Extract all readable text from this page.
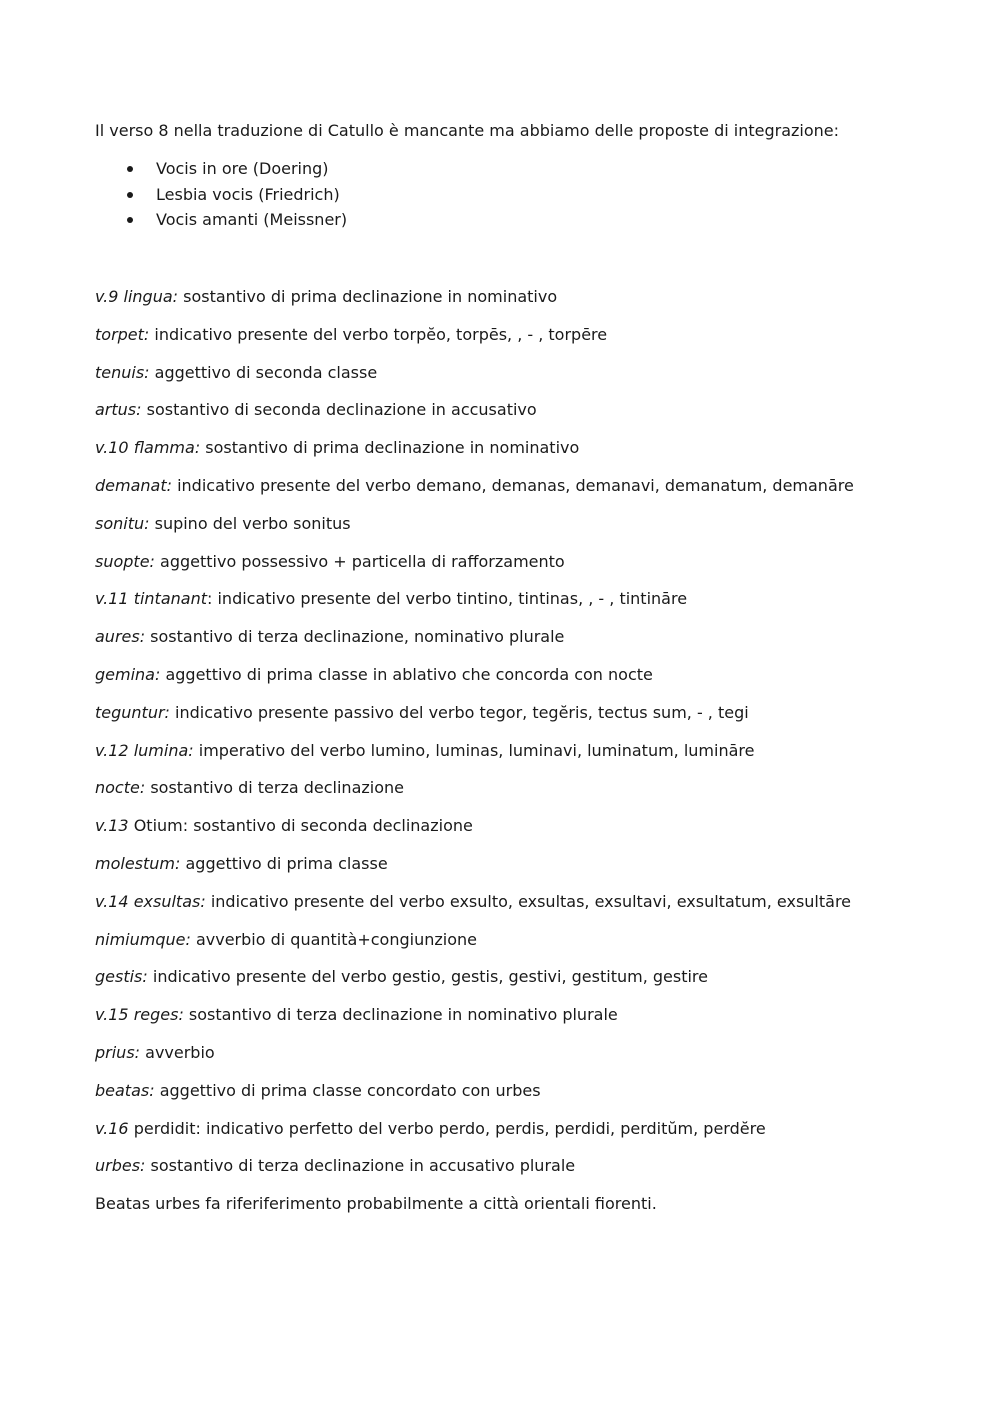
Il verso 8 nella traduzione di Catullo è mancante ma abbiamo delle proposte di integrazione:

Vocis in ore (Doering)
Lesbia vocis (Friedrich)
Vocis amanti (Meissner)
v.9 lingua: sostantivo di prima declinazione in nominativo
torpet: indicativo presente del verbo torpĕo, torpēs, , - , torpēre
tenuis: aggettivo di seconda classe
artus: sostantivo di seconda declinazione in accusativo
v.10 flamma: sostantivo di prima declinazione in nominativo
demanat: indicativo presente del verbo demano, demanas, demanavi, demanatum, demanāre
sonitu: supino del verbo sonitus
suopte: aggettivo possessivo + particella di rafforzamento
v.11 tintanant: indicativo presente del verbo tintino, tintinas, , - , tintināre
aures: sostantivo di terza declinazione, nominativo plurale
gemina: aggettivo di prima classe in ablativo che concorda con nocte
teguntur: indicativo presente passivo del verbo tegor, tegĕris, tectus sum, - , tegi
v.12 lumina: imperativo del verbo lumino, luminas, luminavi, luminatum, lumināre
nocte: sostantivo di terza declinazione
v.13 Otium: sostantivo di seconda declinazione
molestum: aggettivo di prima classe
v.14 exsultas: indicativo presente del verbo exsulto, exsultas, exsultavi, exsultatum, exsultāre
nimiumque: avverbio di quantità+congiunzione
gestis: indicativo presente del verbo gestio, gestis, gestivi, gestitum, gestire
v.15 reges: sostantivo di terza declinazione in nominativo plurale
prius: avverbio
beatas: aggettivo di prima classe concordato con urbes
v.16 perdidit: indicativo perfetto del verbo perdo, perdis, perdidi, perditŭm, perdĕre
urbes: sostantivo di terza declinazione in accusativo plurale
Beatas urbes fa riferiferimento probabilmente a città orientali fiorenti.
